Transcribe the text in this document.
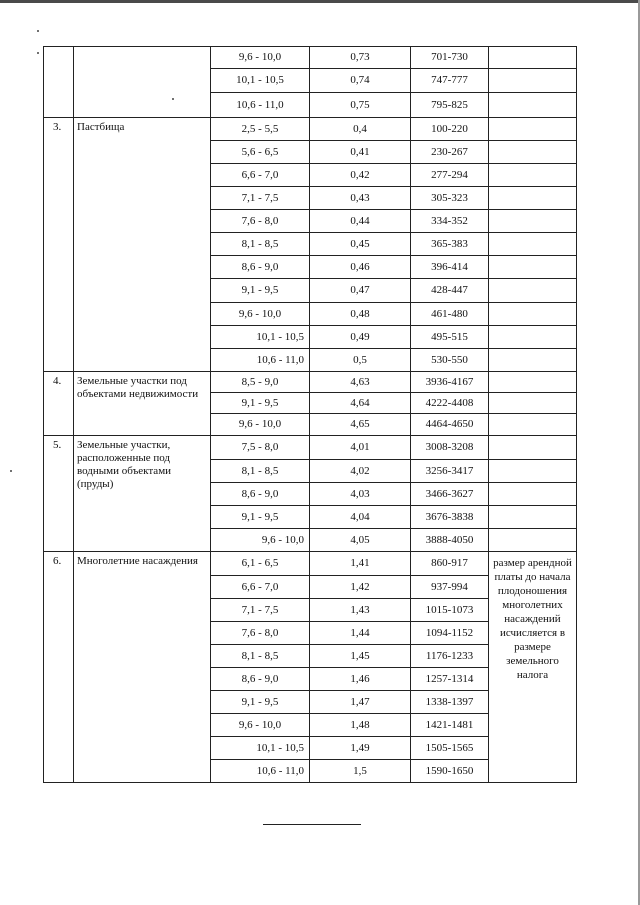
		9,6 - 10,0	0,73	701-730	
		10,1 - 10,5	0,74	747-777	
		10,6 - 11,0	0,75	795-825	
3.	Пастбища	2,5 - 5,5	0,4	100-220	
		5,6 - 6,5	0,41	230-267	
		6,6 - 7,0	0,42	277-294	
		7,1 - 7,5	0,43	305-323	
		7,6 - 8,0	0,44	334-352	
		8,1 - 8,5	0,45	365-383	
		8,6 - 9,0	0,46	396-414	
		9,1 - 9,5	0,47	428-447	
		9,6 - 10,0	0,48	461-480	
		10,1 - 10,5	0,49	495-515	
		10,6 - 11,0	0,5	530-550	
4.	Земельные участки под объектами недвижимости	8,5 - 9,0	4,63	3936-4167	
		9,1 - 9,5	4,64	4222-4408	
		9,6 - 10,0	4,65	4464-4650	
5.	Земельные участки, расположенные под водными объектами (пруды)	7,5 - 8,0	4,01	3008-3208	
		8,1 - 8,5	4,02	3256-3417	
		8,6 - 9,0	4,03	3466-3627	
		9,1 - 9,5	4,04	3676-3838	
		9,6 - 10,0	4,05	3888-4050	
6.	Многолетние насаждения	6,1 - 6,5	1,41	860-917	размер арендной платы до начала плодоношения многолетних насаждений исчисляется в размере земельного налога
		6,6 - 7,0	1,42	937-994	
		7,1 - 7,5	1,43	1015-1073	
		7,6 - 8,0	1,44	1094-1152	
		8,1 - 8,5	1,45	1176-1233	
		8,6 - 9,0	1,46	1257-1314	
		9,1 - 9,5	1,47	1338-1397	
		9,6 - 10,0	1,48	1421-1481	
		10,1 - 10,5	1,49	1505-1565	
		10,6 - 11,0	1,5	1590-1650	
